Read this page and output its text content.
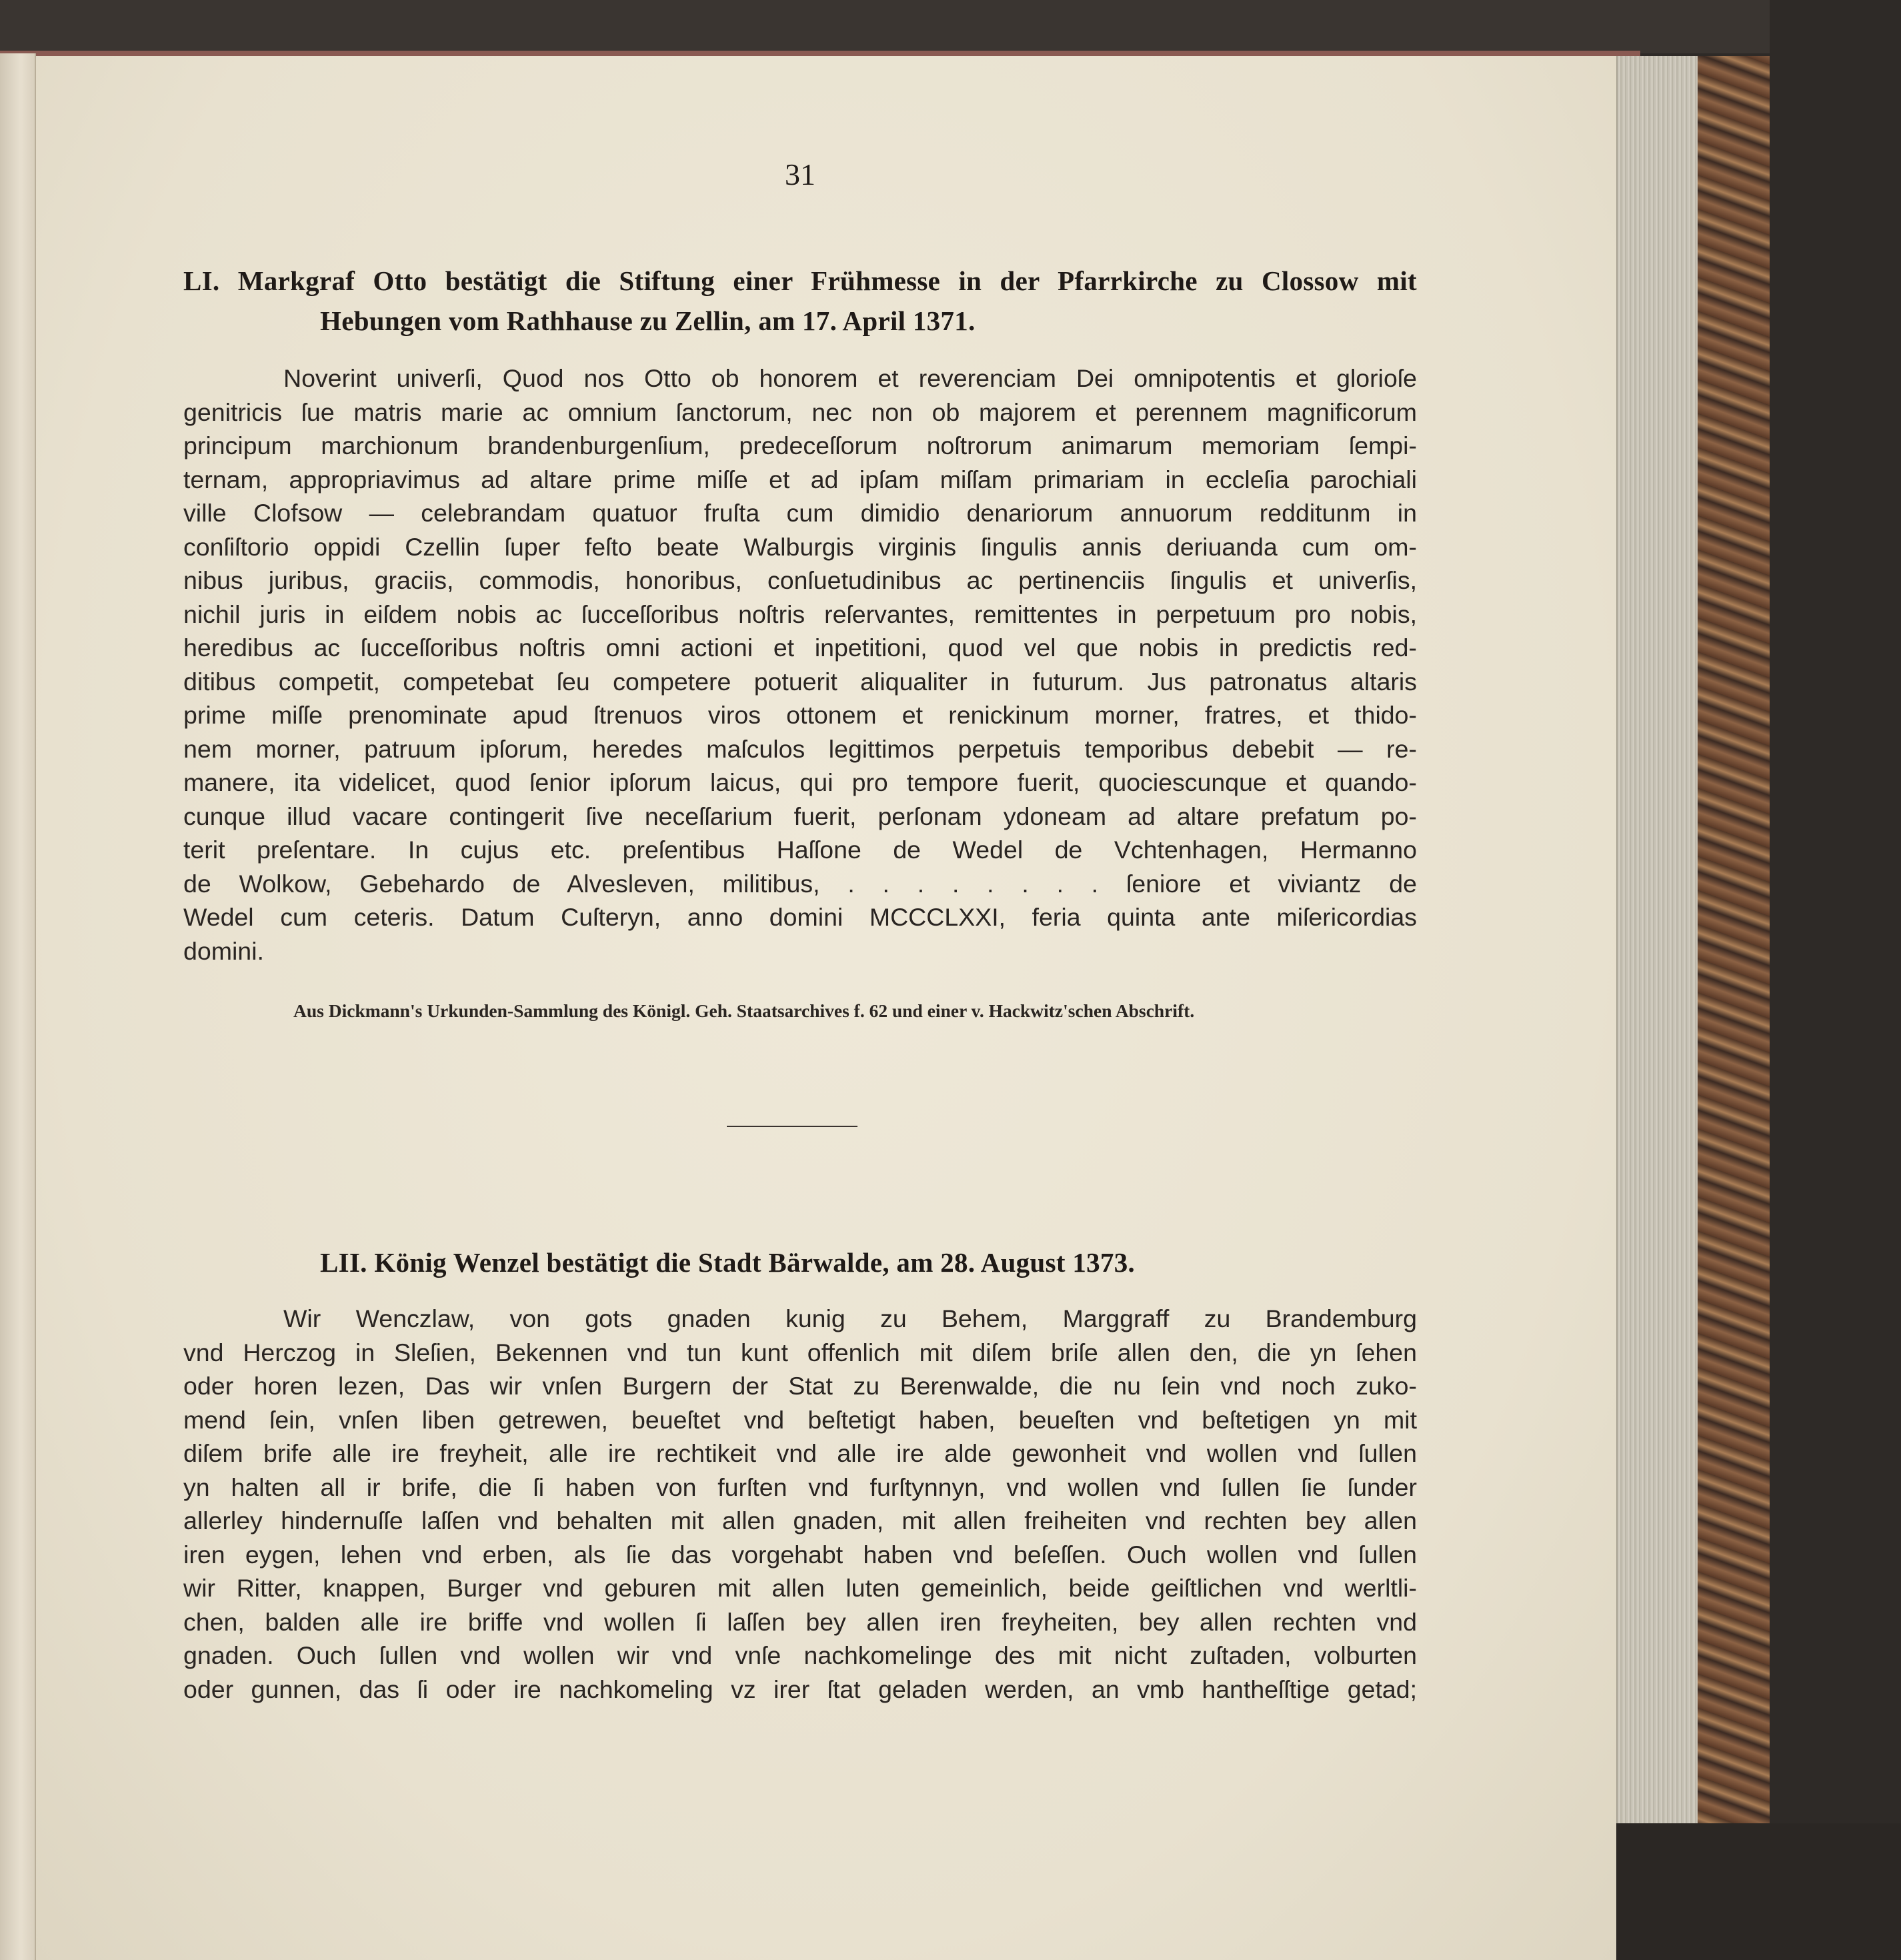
31
LI. Markgraf Otto bestätigt die Stiftung einer Frühmesse in der Pfarrkirche zu Clossow mit
Hebungen vom Rathhause zu Zellin, am 17. April 1371.
Noverint univerſi, Quod nos Otto ob honorem et reverenciam Dei omnipotentis et glorioſe
genitricis ſue matris marie ac omnium ſanctorum, nec non ob majorem et perennem magnificorum
principum marchionum brandenburgenſium, predeceſſorum noſtrorum animarum memoriam ſempi-
ternam, appropriavimus ad altare prime miſſe et ad ipſam miſſam primariam in eccleſia parochiali
ville Clofsow — celebrandam quatuor fruſta cum dimidio denariorum annuorum redditunm in
conſiſtorio oppidi Czellin ſuper feſto beate Walburgis virginis ſingulis annis deriuanda cum om-
nibus juribus, graciis, commodis, honoribus, conſuetudinibus ac pertinenciis ſingulis et univerſis,
nichil juris in eiſdem nobis ac ſucceſſoribus noſtris reſervantes, remittentes in perpetuum pro nobis,
heredibus ac ſucceſſoribus noſtris omni actioni et inpetitioni, quod vel que nobis in predictis red-
ditibus competit, competebat ſeu competere potuerit aliqualiter in futurum. Jus patronatus altaris
prime miſſe prenominate apud ſtrenuos viros ottonem et renickinum morner, fratres, et thido-
nem morner, patruum ipſorum, heredes maſculos legittimos perpetuis temporibus debebit — re-
manere, ita videlicet, quod ſenior ipſorum laicus, qui pro tempore fuerit, quociescunque et quando-
cunque illud vacare contingerit ſive neceſſarium fuerit, perſonam ydoneam ad altare prefatum po-
terit preſentare. In cujus etc. preſentibus Haſſone de Wedel de Vchtenhagen, Hermanno
de Wolkow, Gebehardo de Alvesleven, militibus, . . . . . . . . ſeniore et viviantz de
Wedel cum ceteris. Datum Cuſteryn, anno domini MCCCLXXI, feria quinta ante miſericordias
domini.
Aus Dickmann's Urkunden-Sammlung des Königl. Geh. Staatsarchives f. 62 und einer v. Hackwitz'schen Abschrift.
LII. König Wenzel bestätigt die Stadt Bärwalde, am 28. August 1373.
Wir Wenczlaw, von gots gnaden kunig zu Behem, Marggraff zu Brandemburg
vnd Herczog in Sleſien, Bekennen vnd tun kunt offenlich mit diſem briſe allen den, die yn ſehen
oder horen lezen, Das wir vnſen Burgern der Stat zu Berenwalde, die nu ſein vnd noch zuko-
mend ſein, vnſen liben getrewen, beueſtet vnd beſtetigt haben, beueſten vnd beſtetigen yn mit
diſem brife alle ire freyheit, alle ire rechtikeit vnd alle ire alde gewonheit vnd wollen vnd ſullen
yn halten all ir brife, die ſi haben von furſten vnd furſtynnyn, vnd wollen vnd ſullen ſie ſunder
allerley hindernuſſe laſſen vnd behalten mit allen gnaden, mit allen freiheiten vnd rechten bey allen
iren eygen, lehen vnd erben, als ſie das vorgehabt haben vnd beſeſſen. Ouch wollen vnd ſullen
wir Ritter, knappen, Burger vnd geburen mit allen luten gemeinlich, beide geiſtlichen vnd werltli-
chen, balden alle ire briffe vnd wollen ſi laſſen bey allen iren freyheiten, bey allen rechten vnd
gnaden. Ouch ſullen vnd wollen wir vnd vnſe nachkomelinge des mit nicht zuſtaden, volburten
oder gunnen, das ſi oder ire nachkomeling vz irer ſtat geladen werden, an vmb hantheſſtige getad;
